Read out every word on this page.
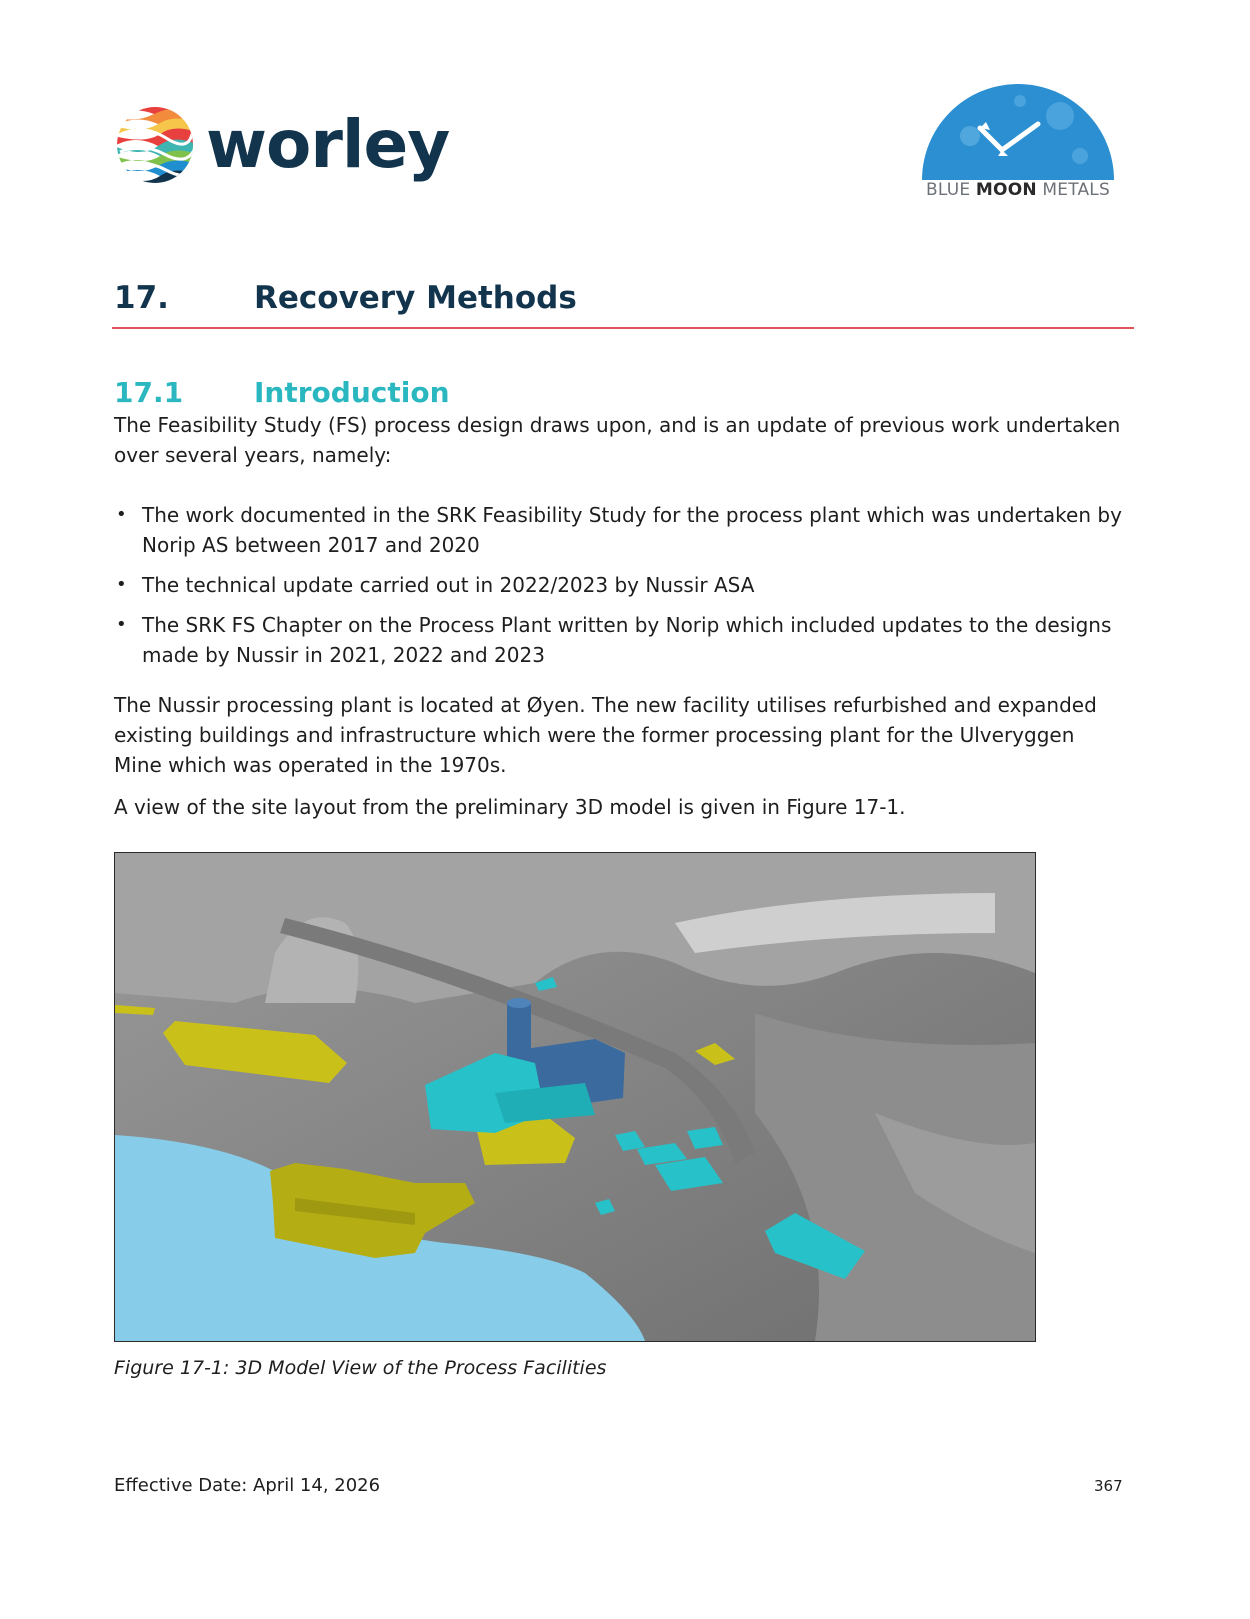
worley
BLUE MOON METALS
17.	Recovery Methods
17.1	Introduction

The Feasibility Study (FS) process design draws upon, and is an update of previous work undertaken over several years, namely:

• The work documented in the SRK Feasibility Study for the process plant which was undertaken by Norip AS between 2017 and 2020
• The technical update carried out in 2022/2023 by Nussir ASA
• The SRK FS Chapter on the Process Plant written by Norip which included updates to the designs made by Nussir in 2021, 2022 and 2023

The Nussir processing plant is located at Øyen. The new facility utilises refurbished and expanded existing buildings and infrastructure which were the former processing plant for the Ulveryggen Mine which was operated in the 1970s.

A view of the site layout from the preliminary 3D model is given in Figure 17-1.

Figure 17-1: 3D Model View of the Process Facilities
Effective Date: April 14, 2026	367
